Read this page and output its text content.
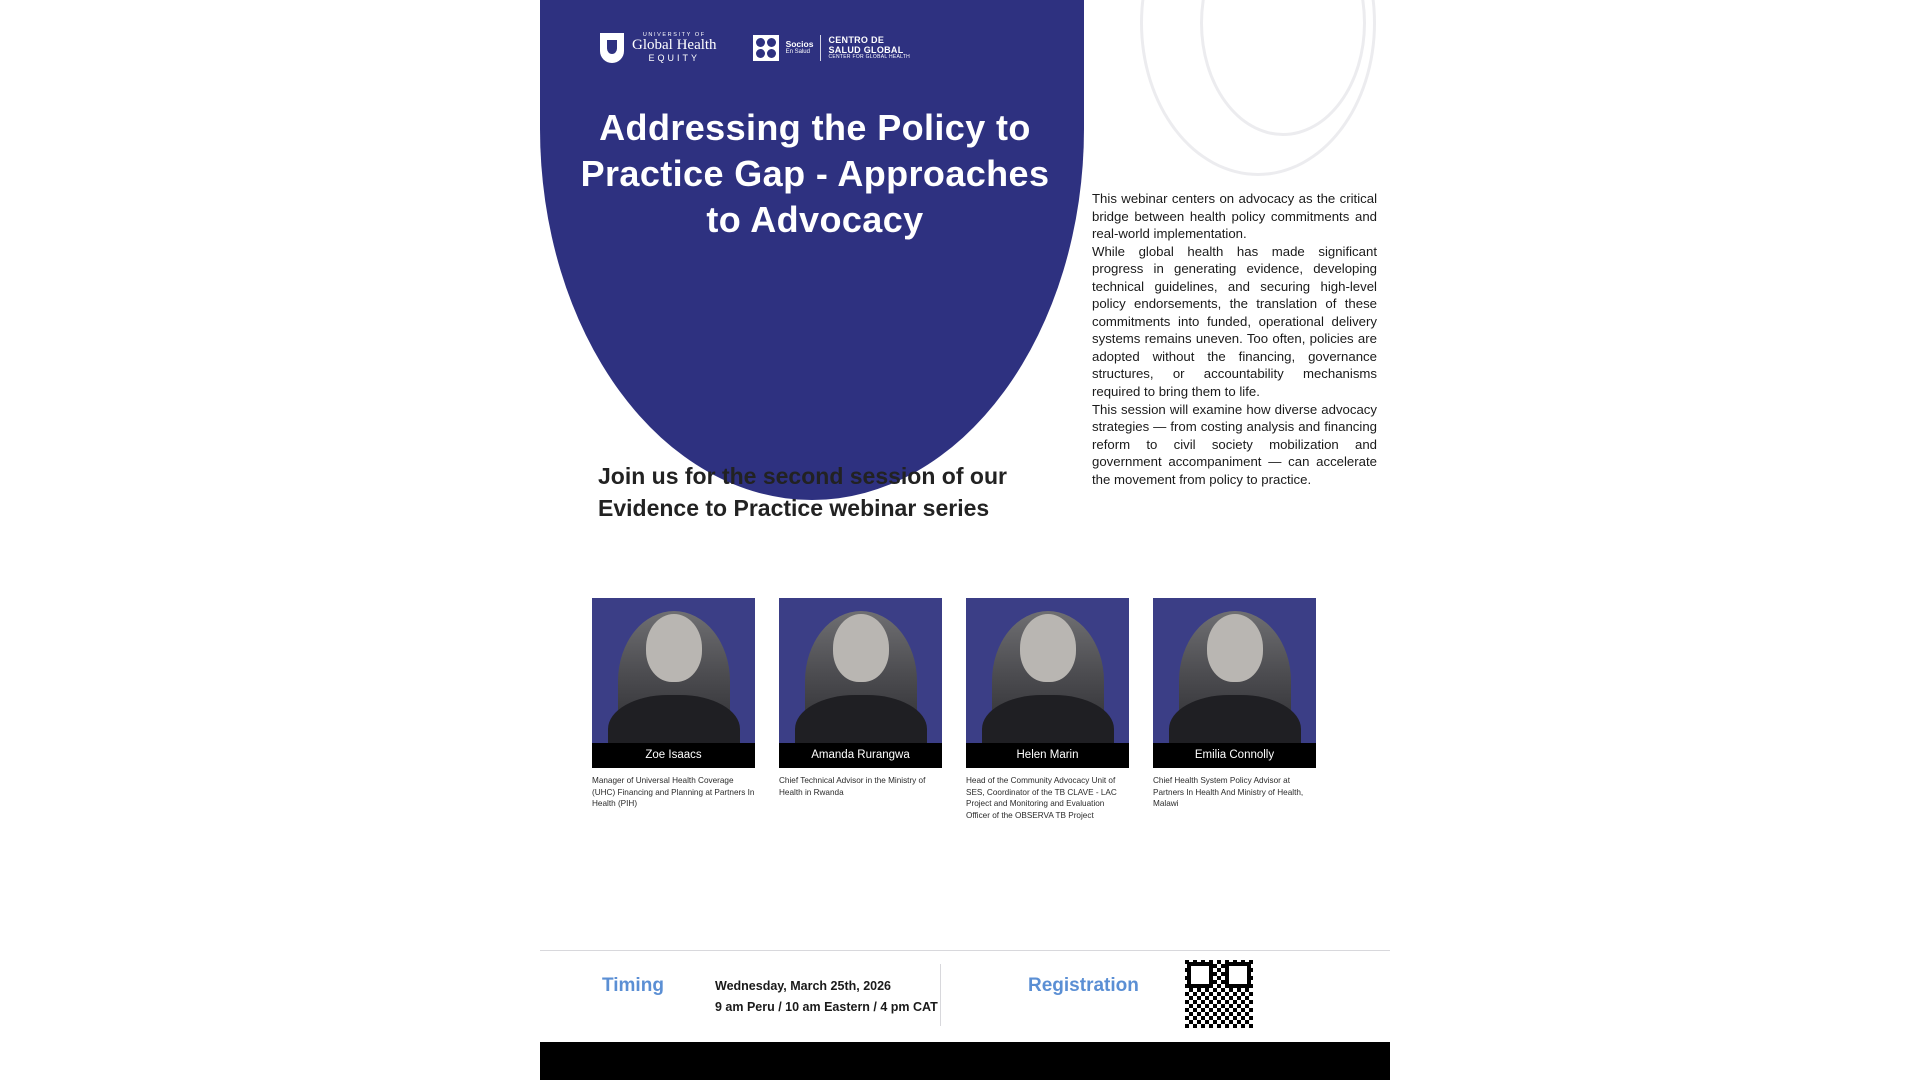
UNIVERSITY OF
Global Health
EQUITY
Socios
En Salud
CENTRO DE
SALUD GLOBAL
CENTER FOR GLOBAL HEALTH
Addressing the Policy to Practice Gap - Approaches to Advocacy

This webinar centers on advocacy as the critical bridge between health policy commitments and real-world implementation.

While global health has made significant progress in generating evidence, developing technical guidelines, and securing high-level policy endorsements, the translation of these commitments into funded, operational delivery systems remains uneven. Too often, policies are adopted without the financing, governance structures, or accountability mechanisms required to bring them to life.

This session will examine how diverse advocacy strategies — from costing analysis and financing reform to civil society mobilization and government accompaniment — can accelerate the movement from policy to practice.

Join us for the second session of our Evidence to Practice webinar series
Zoe Isaacs
Manager of Universal Health Coverage (UHC) Financing and Planning at Partners In Health (PIH)
Amanda Rurangwa
Chief Technical Advisor in the Ministry of Health in Rwanda
Helen Marin
Head of the Community Advocacy Unit of SES, Coordinator of the TB CLAVE - LAC Project and Monitoring and Evaluation Officer of the OBSERVA TB Project
Emilia Connolly
Chief Health System Policy Advisor at Partners In Health And Ministry of Health, Malawi
Timing	Wednesday, March 25th, 2026
9 am Peru / 10 am Eastern / 4 pm CAT
Registration
